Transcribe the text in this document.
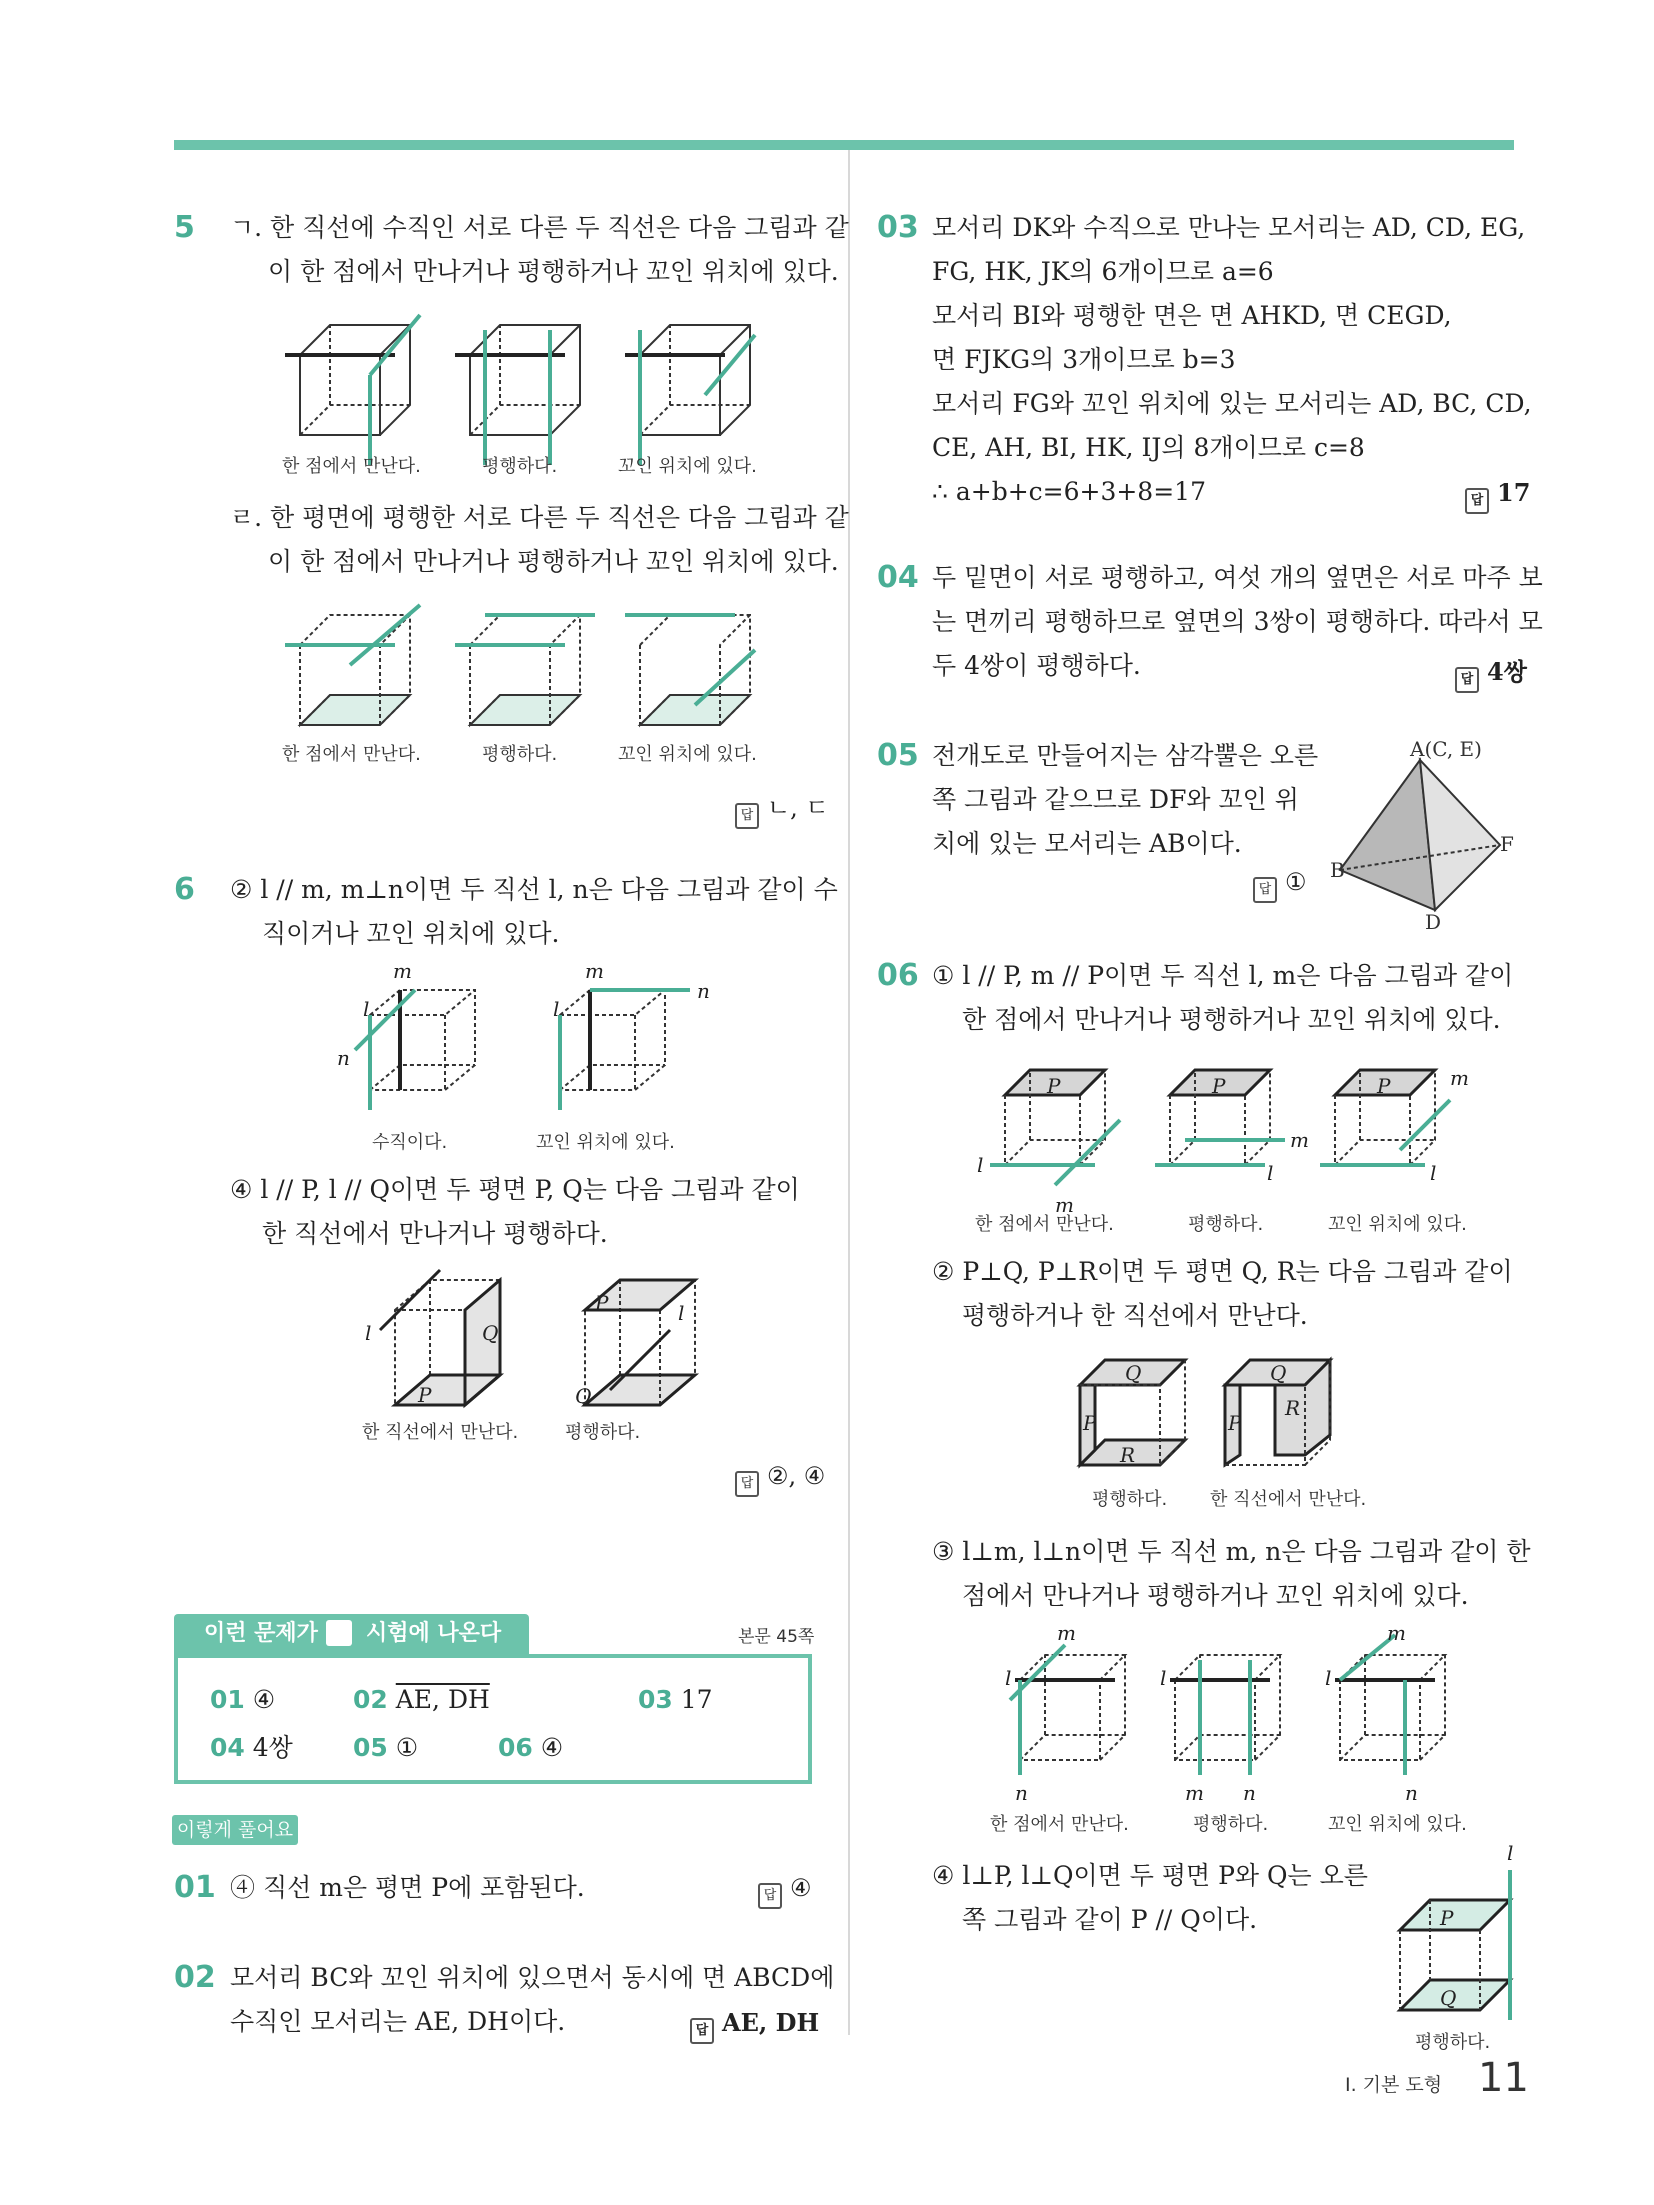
5 ㄱ. 한 직선에 수직인 서로 다른 두 직선은 다음 그림과 같
이 한 점에서 만나거나 평행하거나 꼬인 위치에 있다.
한 점에서 만난다.	평행하다.	꼬인 위치에 있다.
ㄹ. 한 평면에 평행한 서로 다른 두 직선은 다음 그림과 같
이 한 점에서 만나거나 평행하거나 꼬인 위치에 있다.
한 점에서 만난다.	평행하다.	꼬인 위치에 있다.
답 ㄴ, ㄷ
6 ② l // m, m⊥n이면 두 직선 l, n은 다음 그림과 같이 수
직이거나 꼬인 위치에 있다.
m
l
n
m
l
n
수직이다.	꼬인 위치에 있다.
④ l // P, l // Q이면 두 평면 P, Q는 다음 그림과 같이
한 직선에서 만나거나 평행하다.
l	Q
P
l
P
Q
한 직선에서 만난다.	평행하다.
답 ②, ④
이런 문제가 시험에 나온다	본문 45쪽
01 ④	02 AE, DH	03 17
04 4쌍 05 ①	06 ④
이렇게 풀어요
01 ④ 직선 m은 평면 P에 포함된다.	답 ④
02 모서리 BC와 꼬인 위치에 있으면서 동시에 면 ABCD에
수직인 모서리는 AE, DH이다.	답 AE, DH
03 모서리 DK와 수직으로 만나는 모서리는 AD, CD, EG,
FG, HK, JK의 6개이므로 a=6
모서리 BI와 평행한 면은 면 AHKD, 면 CEGD,
면 FJKG의 3개이므로 b=3
모서리 FG와 꼬인 위치에 있는 모서리는 AD, BC, CD,
CE, AH, BI, HK, IJ의 8개이므로 c=8
∴ a+b+c=6+3+8=17	답 17
04 두 밑면이 서로 평행하고, 여섯 개의 옆면은 서로 마주 보
는 면끼리 평행하므로 옆면의 3쌍이 평행하다. 따라서 모
두 4쌍이 평행하다.	답 4쌍
05 전개도로 만들어지는 삼각뿔은 오른
쪽 그림과 같으므로 DF와 꼬인 위
치에 있는 모서리는 AB이다.
답 ①
A(C, E)
B
F
D
06 ① l // P, m // P이면 두 직선 l, m은 다음 그림과 같이
한 점에서 만나거나 평행하거나 꼬인 위치에 있다.
P
l
m
P
l
m
P
l
m
한 점에서 만난다.	평행하다.	꼬인 위치에 있다.
② P⊥Q, P⊥R이면 두 평면 Q, R는 다음 그림과 같이
평행하거나 한 직선에서 만난다.
Q
P
R
Q
P
R
평행하다. 한 직선에서 만난다.
③ l⊥m, l⊥n이면 두 직선 m, n은 다음 그림과 같이 한
점에서 만나거나 평행하거나 꼬인 위치에 있다.
l
m
n
l
m n
l
m
n
한 점에서 만난다.	평행하다.	꼬인 위치에 있다.
④ l⊥P, l⊥Q이면 두 평면 P와 Q는 오른
쪽 그림과 같이 P // Q이다.	P
Q
l
평행하다.
Ⅰ. 기본 도형 11
